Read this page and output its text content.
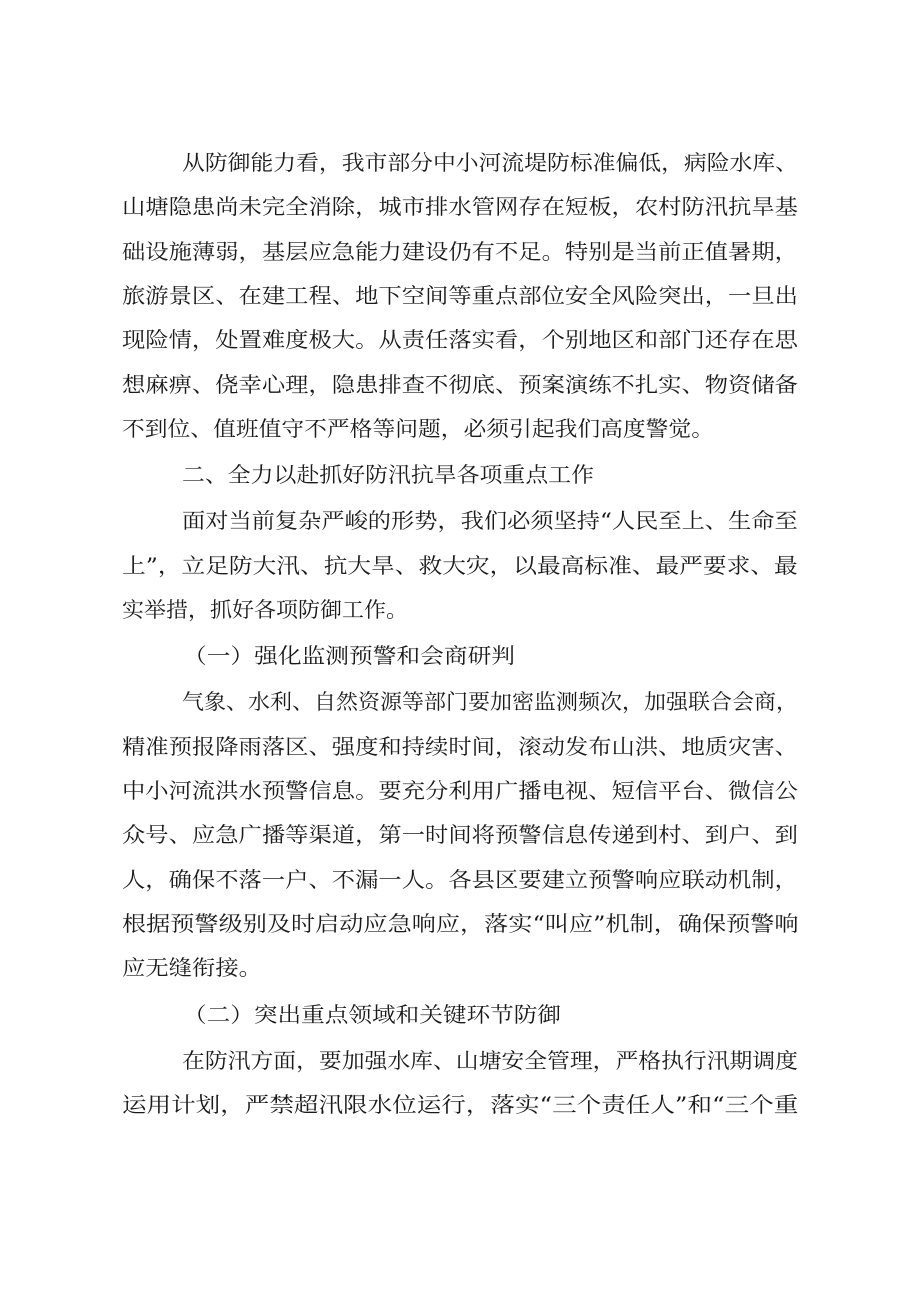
从防御能力看，我市部分中小河流堤防标准偏低，病险水库、
山塘隐患尚未完全消除，城市排水管网存在短板，农村防汛抗旱基
础设施薄弱，基层应急能力建设仍有不足。特别是当前正值暑期，
旅游景区、在建工程、地下空间等重点部位安全风险突出，一旦出
现险情，处置难度极大。从责任落实看，个别地区和部门还存在思
想麻痹、侥幸心理，隐患排查不彻底、预案演练不扎实、物资储备
不到位、值班值守不严格等问题，必须引起我们高度警觉。
二、全力以赴抓好防汛抗旱各项重点工作
面对当前复杂严峻的形势，我们必须坚持“人民至上、生命至
上”，立足防大汛、抗大旱、救大灾，以最高标准、最严要求、最
实举措，抓好各项防御工作。
（一）强化监测预警和会商研判
气象、水利、自然资源等部门要加密监测频次，加强联合会商，
精准预报降雨落区、强度和持续时间，滚动发布山洪、地质灾害、
中小河流洪水预警信息。要充分利用广播电视、短信平台、微信公
众号、应急广播等渠道，第一时间将预警信息传递到村、到户、到
人，确保不落一户、不漏一人。各县区要建立预警响应联动机制，
根据预警级别及时启动应急响应，落实“叫应”机制，确保预警响
应无缝衔接。
（二）突出重点领域和关键环节防御
在防汛方面，要加强水库、山塘安全管理，严格执行汛期调度
运用计划，严禁超汛限水位运行，落实“三个责任人”和“三个重
